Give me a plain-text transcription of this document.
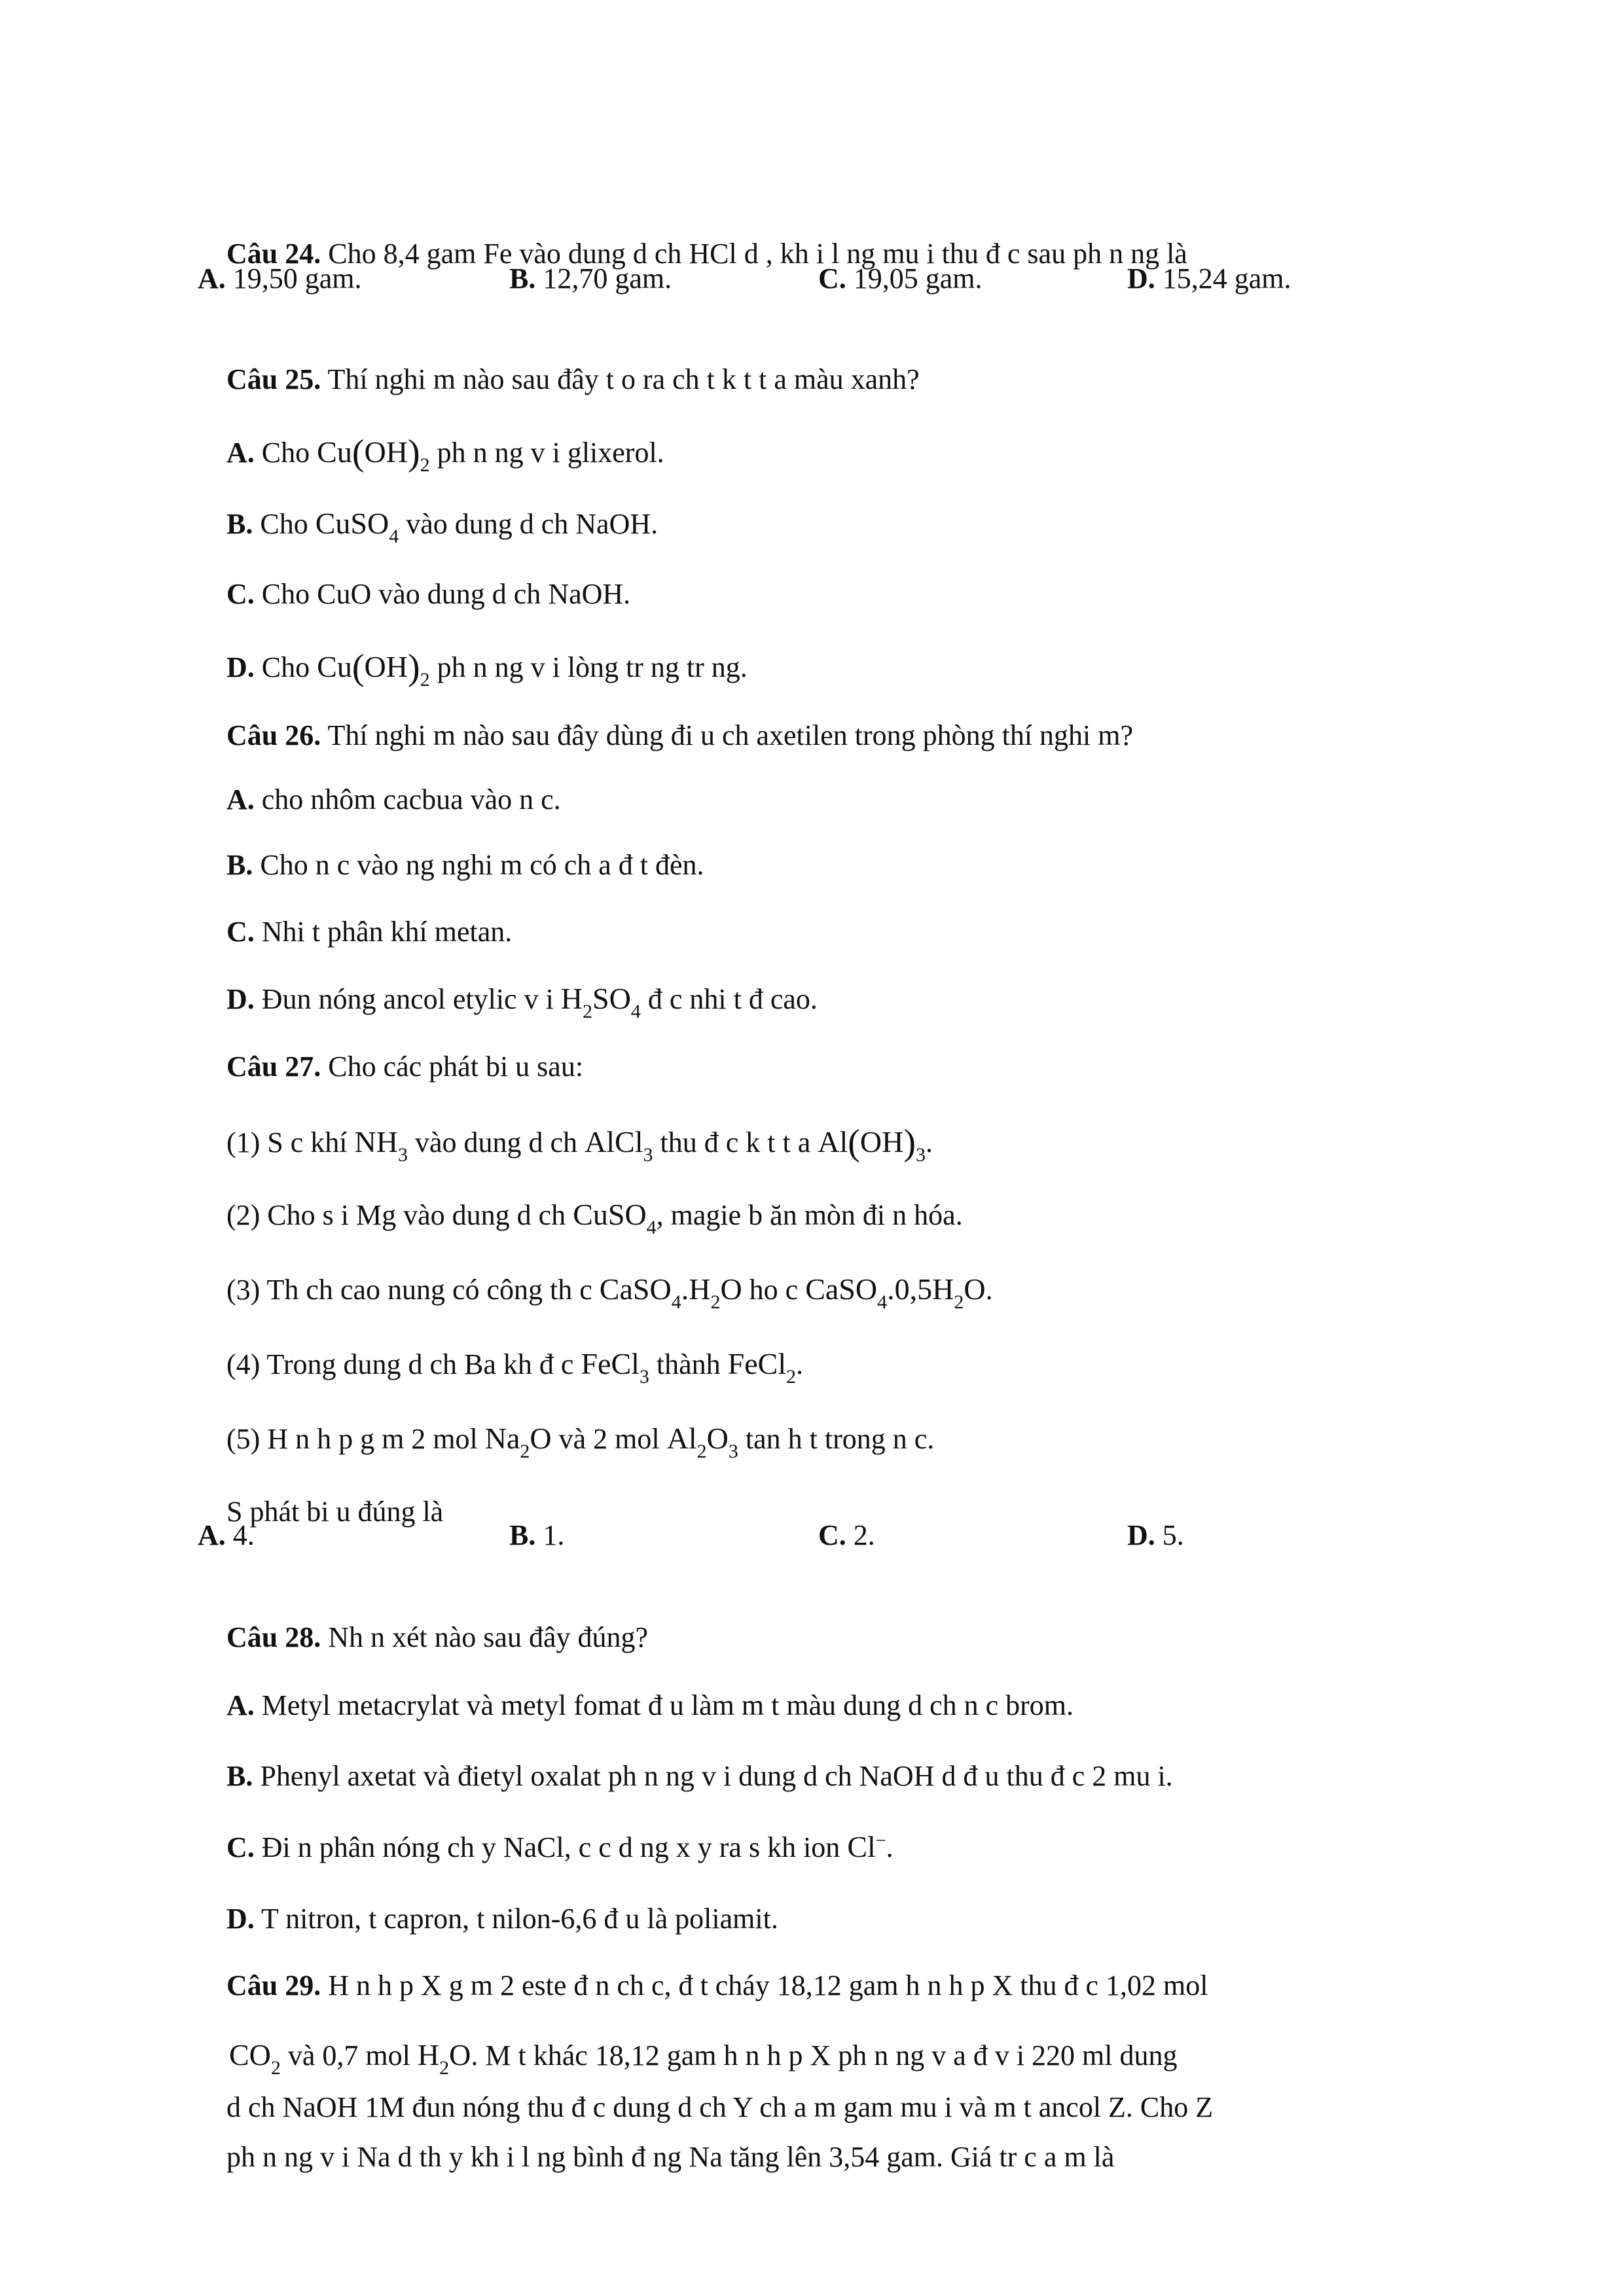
Câu 24. Cho 8,4 gam Fe vào dung d ch HCl d , kh i l ng mu i thu đ c sau ph n ng là

A. 19,50 gam.	B. 12,70 gam.	C. 19,05 gam.	D. 15,24 gam.

Câu 25. Thí nghi m nào sau đây t o ra ch t k t t a màu xanh?

A. Cho $Cu(OH)_2$ ph n ng v i glixerol.

B. Cho CuSO$_4$ vào dung d ch NaOH.

C. Cho CuO vào dung d ch NaOH.

D. Cho $Cu(OH)_2$ ph n ng v i lòng tr ng tr ng.

Câu 26. Thí nghi m nào sau đây dùng đi u ch axetilen trong phòng thí nghi m?

A. cho nhôm cacbua vào n c.

B. Cho n c vào ng nghi m có ch a đ t đèn.

C. Nhi t phân khí metan.

D. Đun nóng ancol etylic v i $H_2SO_4$ đ c nhi t đ cao.

Câu 27. Cho các phát bi u sau:

(1) S c khí $NH_3$ vào dung d ch AlCl$_3$ thu đ c k t t a $Al(OH)_3$.

(2) Cho s i Mg vào dung d ch CuSO$_4$, magie b ăn mòn đi n hóa.

(3) Th ch cao nung có công th c $CaSO_4.H_2O$ ho c $CaSO_4.0,5H_2O$.

(4) Trong dung d ch Ba kh đ c FeCl$_3$ thành FeCl$_2$.

(5) H n h p g m 2 mol $Na_2O$ và 2 mol $Al_2O_3$ tan h t trong n c.

S phát bi u đúng là

A. 4.	B. 1.	C. 2.	D. 5.

Câu 28. Nh n xét nào sau đây đúng?

A. Metyl metacrylat và metyl fomat đ u làm m t màu dung d ch n c brom.

B. Phenyl axetat và đietyl oxalat ph n ng v i dung d ch NaOH d đ u thu đ c 2 mu i.

C. Đi n phân nóng ch y NaCl, c c d ng x y ra s kh ion Cl−.

D. T nitron, t capron, t nilon-6,6 đ u là poliamit.

Câu 29. H n h p X g m 2 este đ n ch c, đ t cháy 18,12 gam h n h p X thu đ c 1,02 mol

$CO_2$ và 0,7 mol $H_2O$. M t khác 18,12 gam h n h p X ph n ng v a đ v i 220 ml dung

d ch NaOH 1M đun nóng thu đ c dung d ch Y ch a m gam mu i và m t ancol Z. Cho Z

ph n ng v i Na d th y kh i l ng bình đ ng Na tăng lên 3,54 gam. Giá tr c a m là
